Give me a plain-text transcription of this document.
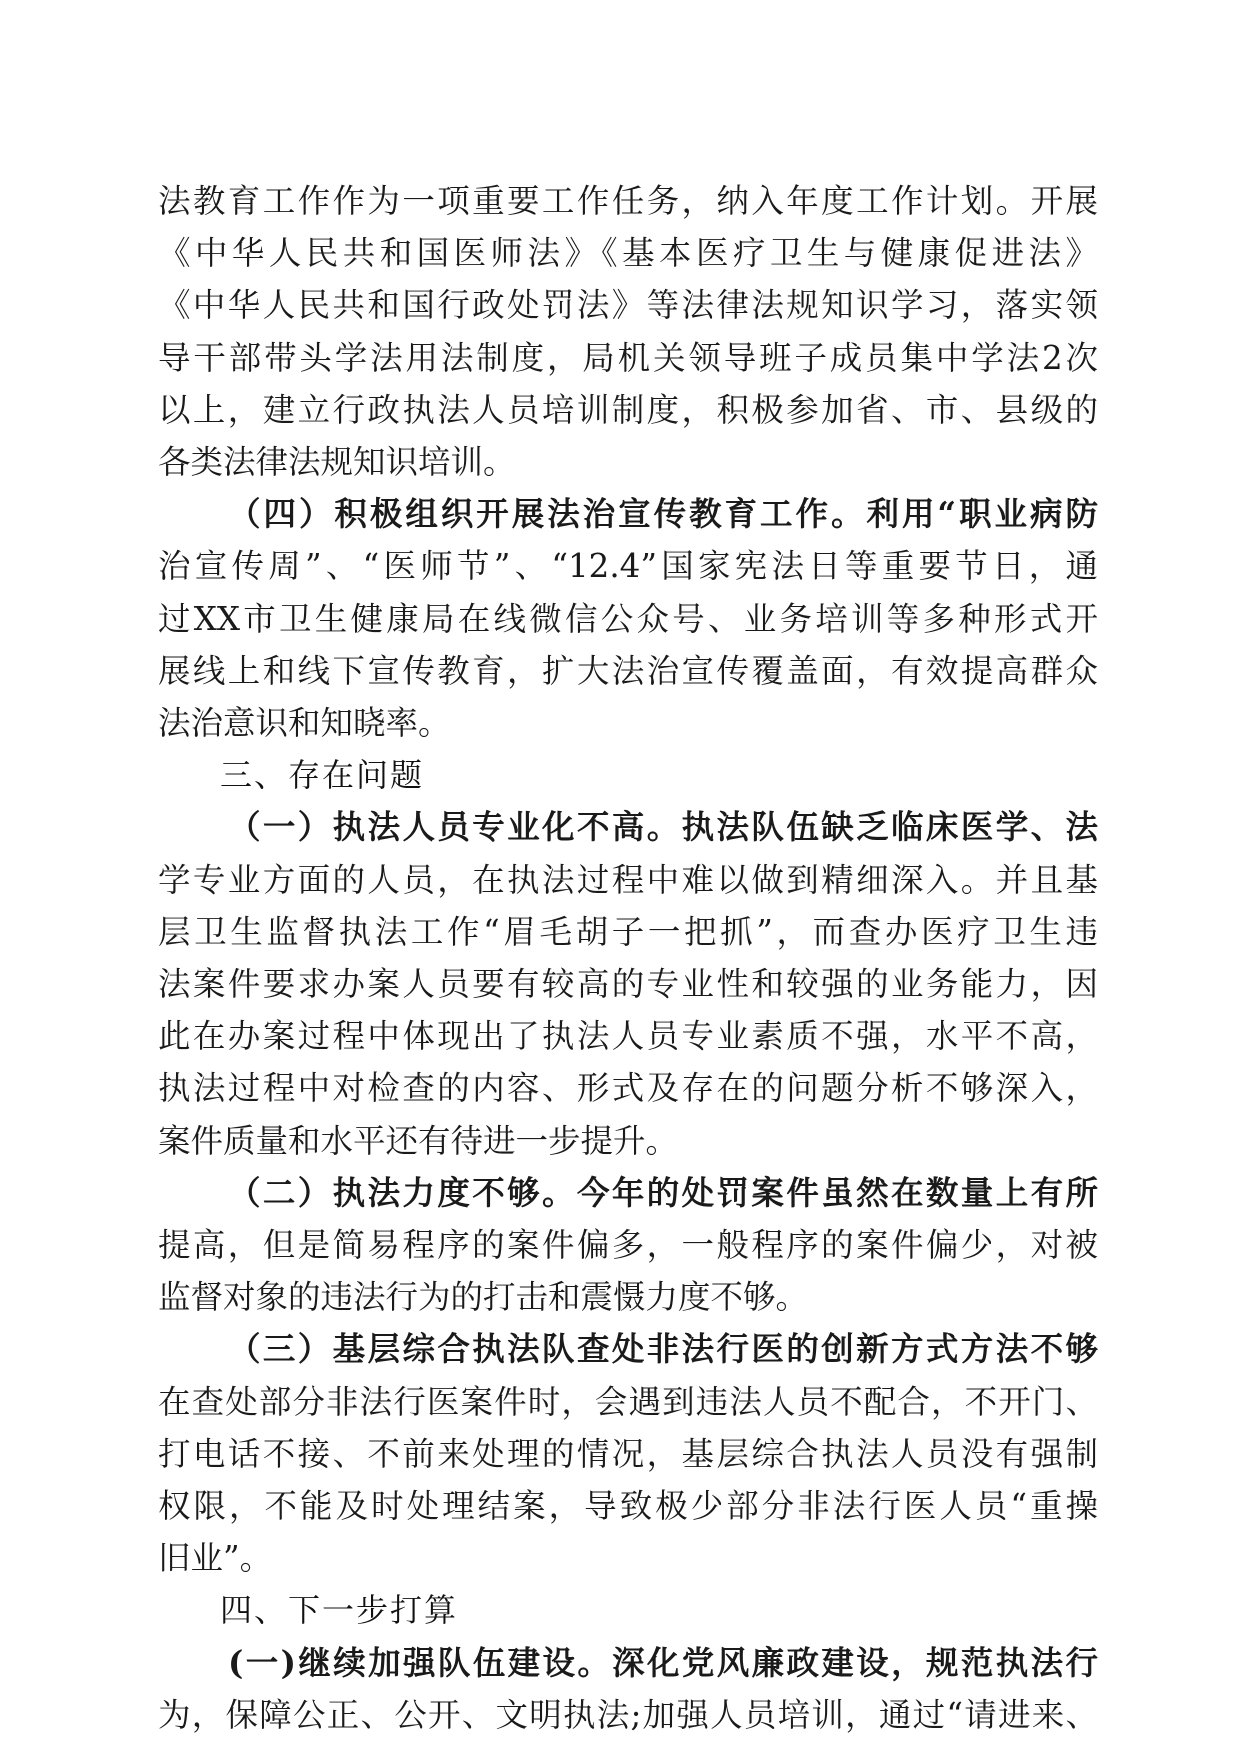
法教育工作作为一项重要工作任务，纳入年度工作计划。开展
《中华人民共和国医师法》《基本医疗卫生与健康促进法》
《中华人民共和国行政处罚法》等法律法规知识学习，落实领
导干部带头学法用法制度，局机关领导班子成员集中学法2次
以上，建立行政执法人员培训制度，积极参加省、市、县级的
各类法律法规知识培训。
（四）积极组织开展法治宣传教育工作。利用“职业病防
治宣传周”、“医师节”、“12.4”国家宪法日等重要节日，通
过XX市卫生健康局在线微信公众号、业务培训等多种形式开
展线上和线下宣传教育，扩大法治宣传覆盖面，有效提高群众
法治意识和知晓率。
三、存在问题
（一）执法人员专业化不高。执法队伍缺乏临床医学、法
学专业方面的人员，在执法过程中难以做到精细深入。并且基
层卫生监督执法工作“眉毛胡子一把抓”，而查办医疗卫生违
法案件要求办案人员要有较高的专业性和较强的业务能力，因
此在办案过程中体现出了执法人员专业素质不强，水平不高，
执法过程中对检查的内容、形式及存在的问题分析不够深入，
案件质量和水平还有待进一步提升。
（二）执法力度不够。今年的处罚案件虽然在数量上有所
提高，但是简易程序的案件偏多，一般程序的案件偏少，对被
监督对象的违法行为的打击和震慑力度不够。
（三）基层综合执法队查处非法行医的创新方式方法不够
在查处部分非法行医案件时，会遇到违法人员不配合，不开门、
打电话不接、不前来处理的情况，基层综合执法人员没有强制
权限，不能及时处理结案，导致极少部分非法行医人员“重操
旧业”。
四、下一步打算
(一)继续加强队伍建设。深化党风廉政建设，规范执法行
为，保障公正、公开、文明执法;加强人员培训，通过“请进来、
